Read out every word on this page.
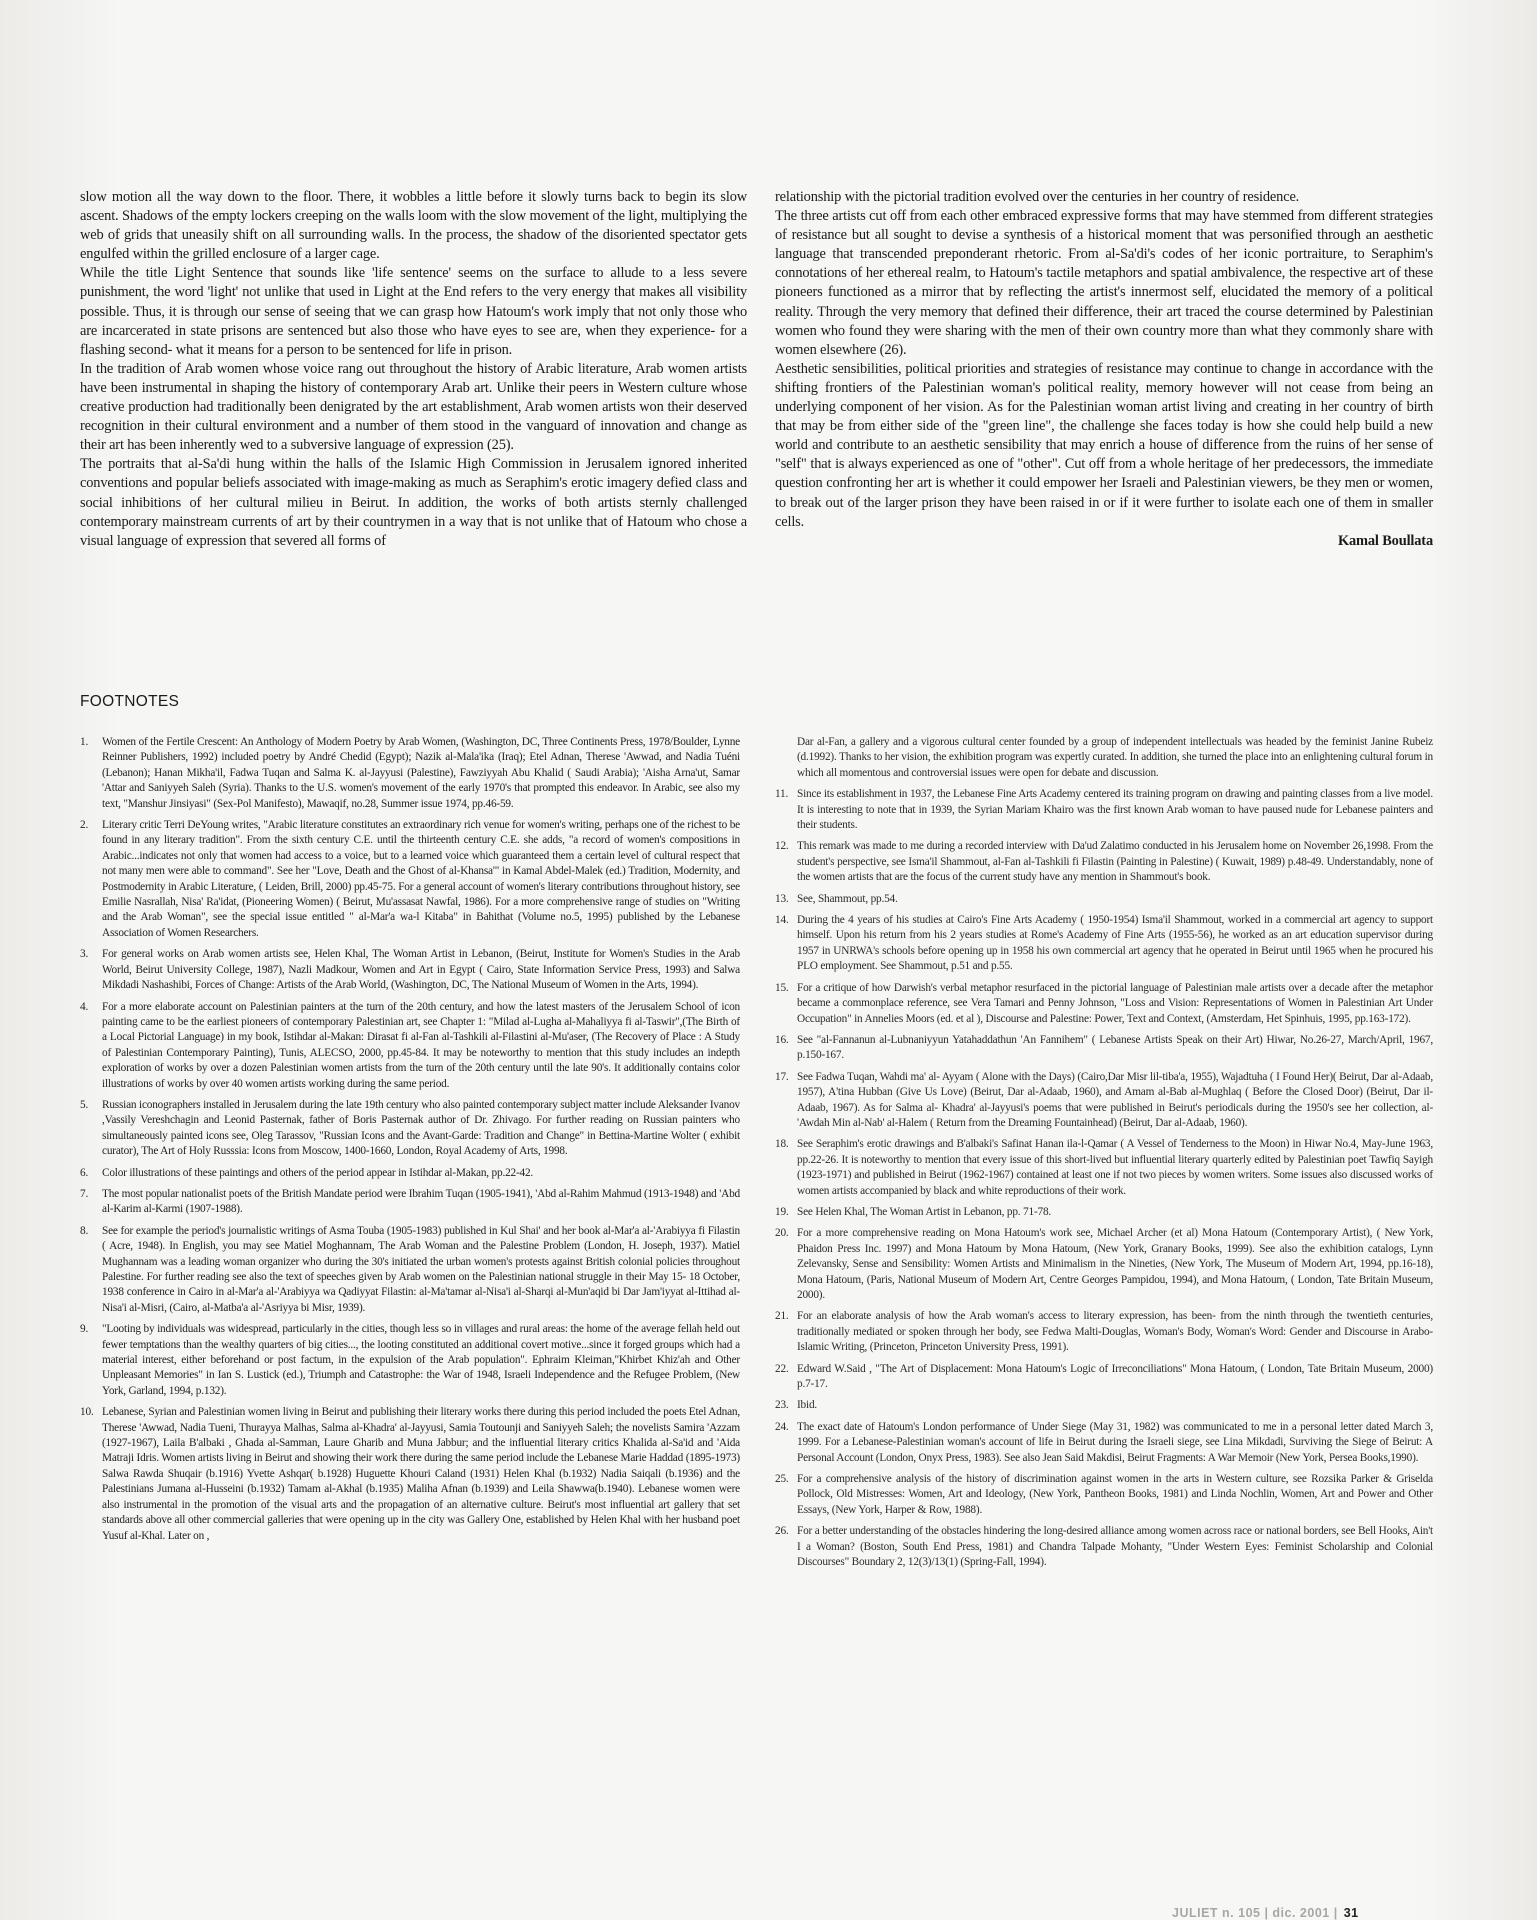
slow motion all the way down to the floor. There, it wobbles a little before it slowly turns back to begin its slow ascent. Shadows of the empty lockers creeping on the walls loom with the slow movement of the light, multiplying the web of grids that uneasily shift on all surrounding walls. In the process, the shadow of the disoriented spectator gets engulfed within the grilled enclosure of a larger cage.

While the title Light Sentence that sounds like 'life sentence' seems on the surface to allude to a less severe punishment, the word 'light' not unlike that used in Light at the End refers to the very energy that makes all visibility possible. Thus, it is through our sense of seeing that we can grasp how Hatoum's work imply that not only those who are incarcerated in state prisons are sentenced but also those who have eyes to see are, when they experience- for a flashing second- what it means for a person to be sentenced for life in prison.

In the tradition of Arab women whose voice rang out throughout the history of Arabic literature, Arab women artists have been instrumental in shaping the history of contemporary Arab art. Unlike their peers in Western culture whose creative production had traditionally been denigrated by the art establishment, Arab women artists won their deserved recognition in their cultural environment and a number of them stood in the vanguard of innovation and change as their art has been inherently wed to a subversive language of expression (25).

The portraits that al-Sa'di hung within the halls of the Islamic High Commission in Jerusalem ignored inherited conventions and popular beliefs associated with image-making as much as Seraphim's erotic imagery defied class and social inhibitions of her cultural milieu in Beirut. In addition, the works of both artists sternly challenged contemporary mainstream currents of art by their countrymen in a way that is not unlike that of Hatoum who chose a visual language of expression that severed all forms of

relationship with the pictorial tradition evolved over the centuries in her country of residence.

The three artists cut off from each other embraced expressive forms that may have stemmed from different strategies of resistance but all sought to devise a synthesis of a historical moment that was personified through an aesthetic language that transcended preponderant rhetoric. From al-Sa'di's codes of her iconic portraiture, to Seraphim's connotations of her ethereal realm, to Hatoum's tactile metaphors and spatial ambivalence, the respective art of these pioneers functioned as a mirror that by reflecting the artist's innermost self, elucidated the memory of a political reality. Through the very memory that defined their difference, their art traced the course determined by Palestinian women who found they were sharing with the men of their own country more than what they commonly share with women elsewhere (26).

Aesthetic sensibilities, political priorities and strategies of resistance may continue to change in accordance with the shifting frontiers of the Palestinian woman's political reality, memory however will not cease from being an underlying component of her vision. As for the Palestinian woman artist living and creating in her country of birth that may be from either side of the "green line", the challenge she faces today is how she could help build a new world and contribute to an aesthetic sensibility that may enrich a house of difference from the ruins of her sense of "self" that is always experienced as one of "other". Cut off from a whole heritage of her predecessors, the immediate question confronting her art is whether it could empower her Israeli and Palestinian viewers, be they men or women, to break out of the larger prison they have been raised in or if it were further to isolate each one of them in smaller cells.

Kamal Boullata

FOOTNOTES
1.	Women of the Fertile Crescent: An Anthology of Modern Poetry by Arab Women, (Washington, DC, Three Continents Press, 1978/Boulder, Lynne Reinner Publishers, 1992) included poetry by André Chedid (Egypt); Nazik al-Mala'ika (Iraq); Etel Adnan, Therese 'Awwad, and Nadia Tuéni (Lebanon); Hanan Mikha'il, Fadwa Tuqan and Salma K. al-Jayyusi (Palestine), Fawziyyah Abu Khalid ( Saudi Arabia); 'Aisha Arna'ut, Samar 'Attar and Saniyyeh Saleh (Syria). Thanks to the U.S. women's movement of the early 1970's that prompted this endeavor. In Arabic, see also my text, "Manshur Jinsiyasi" (Sex-Pol Manifesto), Mawaqif, no.28, Summer issue 1974, pp.46-59.
2.	Literary critic Terri DeYoung writes, "Arabic literature constitutes an extraordinary rich venue for women's writing, perhaps one of the richest to be found in any literary tradition". From the sixth century C.E. until the thirteenth century C.E. she adds, "a record of women's compositions in Arabic...indicates not only that women had access to a voice, but to a learned voice which guaranteed them a certain level of cultural respect that not many men were able to command". See her "Love, Death and the Ghost of al-Khansa'" in Kamal Abdel-Malek (ed.) Tradition, Modernity, and Postmodernity in Arabic Literature, ( Leiden, Brill, 2000) pp.45-75. For a general account of women's literary contributions throughout history, see Emilie Nasrallah, Nisa' Ra'idat, (Pioneering Women) ( Beirut, Mu'assasat Nawfal, 1986). For a more comprehensive range of studies on "Writing and the Arab Woman", see the special issue entitled " al-Mar'a wa-l Kitaba" in Bahithat (Volume no.5, 1995) published by the Lebanese Association of Women Researchers.
3.	For general works on Arab women artists see, Helen Khal, The Woman Artist in Lebanon, (Beirut, Institute for Women's Studies in the Arab World, Beirut University College, 1987), Nazli Madkour, Women and Art in Egypt ( Cairo, State Information Service Press, 1993) and Salwa Mikdadi Nashashibi, Forces of Change: Artists of the Arab World, (Washington, DC, The National Museum of Women in the Arts, 1994).
4.	For a more elaborate account on Palestinian painters at the turn of the 20th century, and how the latest masters of the Jerusalem School of icon painting came to be the earliest pioneers of contemporary Palestinian art, see Chapter 1: "Milad al-Lugha al-Mahaliyya fi al-Taswir",(The Birth of a Local Pictorial Language) in my book, Istihdar al-Makan: Dirasat fi al-Fan al-Tashkili al-Filastini al-Mu'aser, (The Recovery of Place : A Study of Palestinian Contemporary Painting), Tunis, ALECSO, 2000, pp.45-84. It may be noteworthy to mention that this study includes an indepth exploration of works by over a dozen Palestinian women artists from the turn of the 20th century until the late 90's. It additionally contains color illustrations of works by over 40 women artists working during the same period.
5.	Russian iconographers installed in Jerusalem during the late 19th century who also painted contemporary subject matter include Aleksander Ivanov ,Vassily Vereshchagin and Leonid Pasternak, father of Boris Pasternak author of Dr. Zhivago. For further reading on Russian painters who simultaneously painted icons see, Oleg Tarassov, "Russian Icons and the Avant-Garde: Tradition and Change" in Bettina-Martine Wolter ( exhibit curator), The Art of Holy Russsia: Icons from Moscow, 1400-1660, London, Royal Academy of Arts, 1998.
6.	Color illustrations of these paintings and others of the period appear in Istihdar al-Makan, pp.22-42.
7.	The most popular nationalist poets of the British Mandate period were Ibrahim Tuqan (1905-1941), 'Abd al-Rahim Mahmud (1913-1948) and 'Abd al-Karim al-Karmi (1907-1988).
8.	See for example the period's journalistic writings of Asma Touba (1905-1983) published in Kul Shai' and her book al-Mar'a al-'Arabiyya fi Filastin ( Acre, 1948). In English, you may see Matiel Moghannam, The Arab Woman and the Palestine Problem (London, H. Joseph, 1937). Matiel Mughannam was a leading woman organizer who during the 30's initiated the urban women's protests against British colonial policies throughout Palestine. For further reading see also the text of speeches given by Arab women on the Palestinian national struggle in their May 15- 18 October, 1938 conference in Cairo in al-Mar'a al-'Arabiyya wa Qadiyyat Filastin: al-Ma'tamar al-Nisa'i al-Sharqi al-Mun'aqid bi Dar Jam'iyyat al-Ittihad al-Nisa'i al-Misri, (Cairo, al-Matba'a al-'Asriyya bi Misr, 1939).
9.	"Looting by individuals was widespread, particularly in the cities, though less so in villages and rural areas: the home of the average fellah held out fewer temptations than the wealthy quarters of big cities..., the looting constituted an additional covert motive...since it forged groups which had a material interest, either beforehand or post factum, in the expulsion of the Arab population". Ephraim Kleiman,"Khirbet Khiz'ah and Other Unpleasant Memories" in Ian S. Lustick (ed.), Triumph and Catastrophe: the War of 1948, Israeli Independence and the Refugee Problem, (New York, Garland, 1994, p.132).
10. Lebanese, Syrian and Palestinian women living in Beirut and publishing their literary works there during this period included the poets Etel Adnan, Therese 'Awwad, Nadia Tueni, Thurayya Malhas, Salma al-Khadra' al-Jayyusi, Samia Toutounji and Saniyyeh Saleh; the novelists Samira 'Azzam (1927-1967), Laila B'albaki , Ghada al-Samman, Laure Gharib and Muna Jabbur; and the influential literary critics Khalida al-Sa'id and 'Aida Matraji Idris. Women artists living in Beirut and showing their work there during the same period include the Lebanese Marie Haddad (1895-1973) Salwa Rawda Shuqair (b.1916) Yvette Ashqar( b.1928) Huguette Khouri Caland (1931) Helen Khal (b.1932) Nadia Saiqali (b.1936) and the Palestinians Jumana al-Husseini (b.1932) Tamam al-Akhal (b.1935) Maliha Afnan (b.1939) and Leila Shawwa(b.1940). Lebanese women were also instrumental in the promotion of the visual arts and the propagation of an alternative culture. Beirut's most influential art gallery that set standards above all other commercial galleries that were opening up in the city was Gallery One, established by Helen Khal with her husband poet Yusuf al-Khal. Later on ,
Dar al-Fan, a gallery and a vigorous cultural center founded by a group of independent intellectuals was headed by the feminist Janine Rubeiz (d.1992). Thanks to her vision, the exhibition program was expertly curated. In addition, she turned the place into an enlightening cultural forum in which all momentous and controversial issues were open for debate and discussion.
11. Since its establishment in 1937, the Lebanese Fine Arts Academy centered its training program on drawing and painting classes from a live model. It is interesting to note that in 1939, the Syrian Mariam Khairo was the first known Arab woman to have paused nude for Lebanese painters and their students.
12. This remark was made to me during a recorded interview with Da'ud Zalatimo conducted in his Jerusalem home on November 26,1998. From the student's perspective, see Isma'il Shammout, al-Fan al-Tashkili fi Filastin (Painting in Palestine) ( Kuwait, 1989) p.48-49. Understandably, none of the women artists that are the focus of the current study have any mention in Shammout's book.
13. See, Shammout, pp.54.
14. During the 4 years of his studies at Cairo's Fine Arts Academy ( 1950-1954) Isma'il Shammout, worked in a commercial art agency to support himself. Upon his return from his 2 years studies at Rome's Academy of Fine Arts (1955-56), he worked as an art education supervisor during 1957 in UNRWA's schools before opening up in 1958 his own commercial art agency that he operated in Beirut until 1965 when he procured his PLO employment. See Shammout, p.51 and p.55.
15. For a critique of how Darwish's verbal metaphor resurfaced in the pictorial language of Palestinian male artists over a decade after the metaphor became a commonplace reference, see Vera Tamari and Penny Johnson, "Loss and Vision: Representations of Women in Palestinian Art Under Occupation" in Annelies Moors (ed. et al ), Discourse and Palestine: Power, Text and Context, (Amsterdam, Het Spinhuis, 1995, pp.163-172).
16. See "al-Fannanun al-Lubnaniyyun Yatahaddathun 'An Fannihem" ( Lebanese Artists Speak on their Art) Hiwar, No.26-27, March/April, 1967, p.150-167.
17. See Fadwa Tuqan, Wahdi ma' al- Ayyam ( Alone with the Days) (Cairo,Dar Misr lil-tiba'a, 1955), Wajadtuha ( I Found Her)( Beirut, Dar al-Adaab, 1957), A'tina Hubban (Give Us Love) (Beirut, Dar al-Adaab, 1960), and Amam al-Bab al-Mughlaq ( Before the Closed Door) (Beirut, Dar il-Adaab, 1967). As for Salma al- Khadra' al-Jayyusi's poems that were published in Beirut's periodicals during the 1950's see her collection, al-'Awdah Min al-Nab' al-Halem ( Return from the Dreaming Fountainhead) (Beirut, Dar al-Adaab, 1960).
18. See Seraphim's erotic drawings and B'albaki's Safinat Hanan ila-l-Qamar ( A Vessel of Tenderness to the Moon) in Hiwar No.4, May-June 1963, pp.22-26. It is noteworthy to mention that every issue of this short-lived but influential literary quarterly edited by Palestinian poet Tawfiq Sayigh (1923-1971) and published in Beirut (1962-1967) contained at least one if not two pieces by women writers. Some issues also discussed works of women artists accompanied by black and white reproductions of their work.
19. See Helen Khal, The Woman Artist in Lebanon, pp. 71-78.
20. For a more comprehensive reading on Mona Hatoum's work see, Michael Archer (et al) Mona Hatoum (Contemporary Artist), ( New York, Phaidon Press Inc. 1997) and Mona Hatoum by Mona Hatoum, (New York, Granary Books, 1999). See also the exhibition catalogs, Lynn Zelevansky, Sense and Sensibility: Women Artists and Minimalism in the Nineties, (New York, The Museum of Modern Art, 1994, pp.16-18), Mona Hatoum, (Paris, National Museum of Modern Art, Centre Georges Pampidou, 1994), and Mona Hatoum, ( London, Tate Britain Museum, 2000).
21. For an elaborate analysis of how the Arab woman's access to literary expression, has been- from the ninth through the twentieth centuries, traditionally mediated or spoken through her body, see Fedwa Malti-Douglas, Woman's Body, Woman's Word: Gender and Discourse in Arabo-Islamic Writing, (Princeton, Princeton University Press, 1991).
22. Edward W.Said , "The Art of Displacement: Mona Hatoum's Logic of Irreconciliations" Mona Hatoum, ( London, Tate Britain Museum, 2000) p.7-17.
23. Ibid.
24. The exact date of Hatoum's London performance of Under Siege (May 31, 1982) was communicated to me in a personal letter dated March 3, 1999. For a Lebanese-Palestinian woman's account of life in Beirut during the Israeli siege, see Lina Mikdadi, Surviving the Siege of Beirut: A Personal Account (London, Onyx Press, 1983). See also Jean Said Makdisi, Beirut Fragments: A War Memoir (New York, Persea Books,1990).
25. For a comprehensive analysis of the history of discrimination against women in the arts in Western culture, see Rozsika Parker & Griselda Pollock, Old Mistresses: Women, Art and Ideology, (New York, Pantheon Books, 1981) and Linda Nochlin, Women, Art and Power and Other Essays, (New York, Harper & Row, 1988).
26. For a better understanding of the obstacles hindering the long-desired alliance among women across race or national borders, see Bell Hooks, Ain't I a Woman? (Boston, South End Press, 1981) and Chandra Talpade Mohanty, "Under Western Eyes: Feminist Scholarship and Colonial Discourses" Boundary 2, 12(3)/13(1) (Spring-Fall, 1994).
JULIET n. 105 | dic. 2001 | 31
